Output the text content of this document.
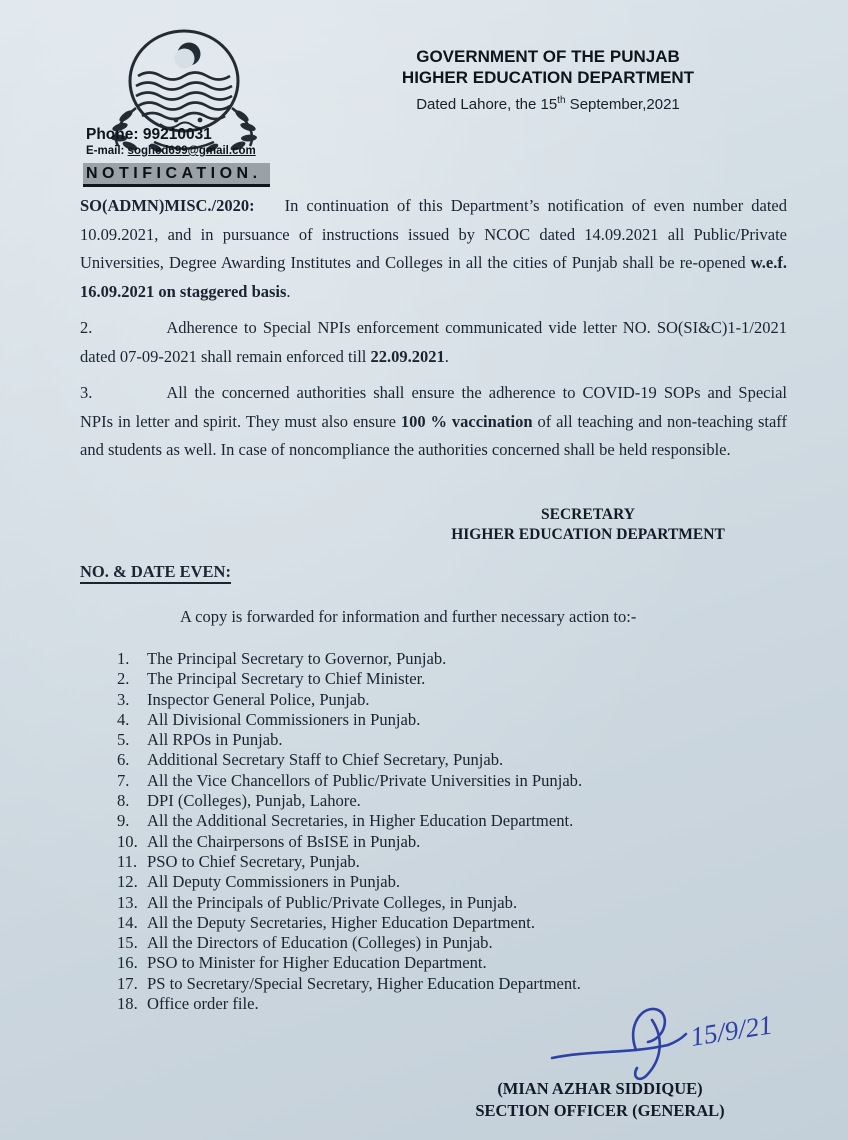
GOVERNMENT OF THE PUNJAB
HIGHER EDUCATION DEPARTMENT
Dated Lahore, the 15th September,2021
Phone: 99210031
E-mail: soghed699@gmail.com
NOTIFICATION.

SO(ADMN)MISC./2020: In continuation of this Department’s notification of even number dated 10.09.2021, and in pursuance of instructions issued by NCOC dated 14.09.2021 all Public/Private Universities, Degree Awarding Institutes and Colleges in all the cities of Punjab shall be re-opened w.e.f. 16.09.2021 on staggered basis.

2.	Adherence to Special NPIs enforcement communicated vide letter NO. SO(SI&C)1-1/2021 dated 07-09-2021 shall remain enforced till 22.09.2021.

3.	All the concerned authorities shall ensure the adherence to COVID-19 SOPs and Special NPIs in letter and spirit. They must also ensure 100 % vaccination of all teaching and non-teaching staff and students as well. In case of noncompliance the authorities concerned shall be held responsible.

SECRETARY
HIGHER EDUCATION DEPARTMENT
NO. & DATE EVEN:
A copy is forwarded for information and further necessary action to:-
1.	The Principal Secretary to Governor, Punjab.
2.	The Principal Secretary to Chief Minister.
3.	Inspector General Police, Punjab.
4.	All Divisional Commissioners in Punjab.
5.	All RPOs in Punjab.
6.	Additional Secretary Staff to Chief Secretary, Punjab.
7.	All the Vice Chancellors of Public/Private Universities in Punjab.
8.	DPI (Colleges), Punjab, Lahore.
9.	All the Additional Secretaries, in Higher Education Department.
10. All the Chairpersons of BsISE in Punjab.
11. PSO to Chief Secretary, Punjab.
12. All Deputy Commissioners in Punjab.
13. All the Principals of Public/Private Colleges, in Punjab.
14. All the Deputy Secretaries, Higher Education Department.
15. All the Directors of Education (Colleges) in Punjab.
16. PSO to Minister for Higher Education Department.
17. PS to Secretary/Special Secretary, Higher Education Department.
18. Office order file.
15/9/21
(MIAN AZHAR SIDDIQUE)
SECTION OFFICER (GENERAL)
